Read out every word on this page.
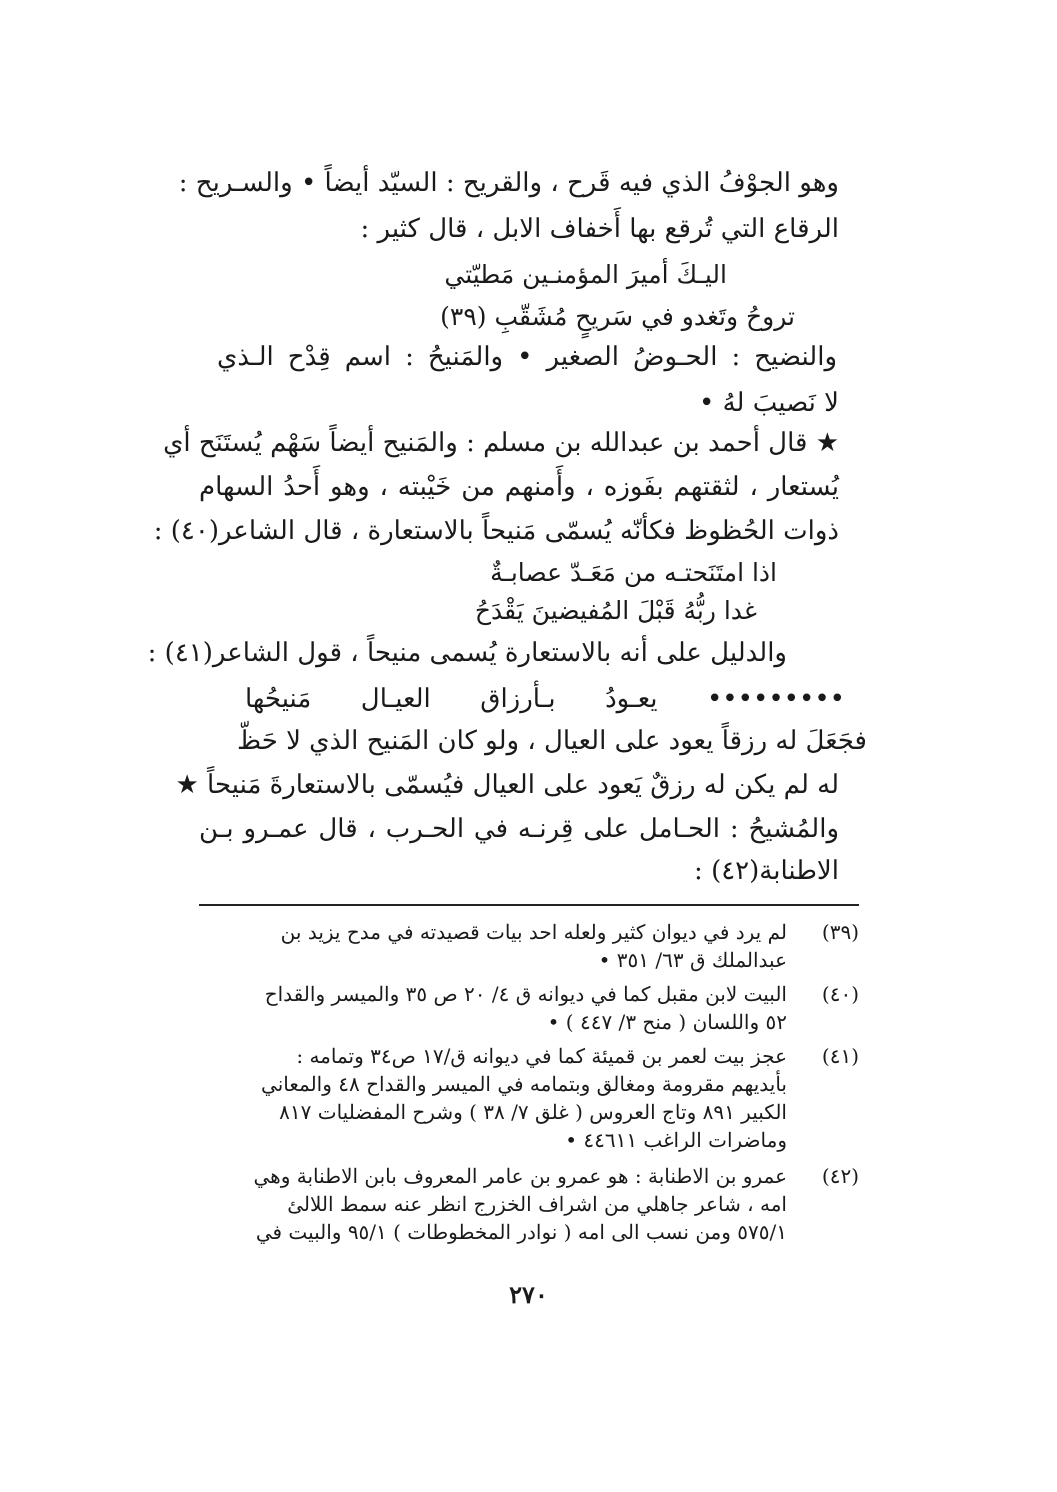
وهو الجوْفُ الذي فيه قَرح ، والقريح : السيّد أيضاً • والسـريح :
الرقاع التي تُرقع بها أَخفاف الابل ، قال كثير :
اليـكَ أميرَ المؤمنـين مَطيّتي
تروحُ وتَغدو في سَريحٍ مُشَقّبِ (٣٩)
والنضيح : الحـوضُ الصغير • والمَنيحُ : اسم قِدْح الـذي
لا نَصيبَ لهُ •
★ قال أحمد بن عبدالله بن مسلم : والمَنيح أيضاً سَهْم يُستَنَح أي
يُستعار ، لثقتهم بفَوزه ، وأَمنهم من خَيْبته ، وهو أَحدُ السهام
ذوات الحُظوظ فكأنّه يُسمّى مَنيحاً بالاستعارة ، قال الشاعر(٤٠) :
اذا امتَنَحتـه من مَعَـدّ عصابـةٌ
غدا ربُّهُ قَبْلَ المُفيضينَ يَقْدَحُ
والدليل على أنه بالاستعارة يُسمى منيحاً ، قول الشاعر(٤١) :
••••••••• يعـودُ بـأرزاق العيـال مَنيحُها
فجَعَلَ له رزقاً يعود على العيال ، ولو كان المَنيح الذي لا حَظّ
له لم يكن له رزقٌ يَعود على العيال فيُسمّى بالاستعارةَ مَنيحاً ★
والمُشيحُ : الحـامل على قِرنـه في الحـرب ، قال عمـرو بـن
الاطنابة(٤٢) :
(٣٩)
لم يرد في ديوان كثير ولعله احد بيات قصيدته في مدح يزيد بن
عبدالملك ق ٦٣/ ٣٥١ •
(٤٠)
البيت لابن مقبل كما في ديوانه ق ٤/ ٢٠ ص ٣٥ والميسر والقداح
٥٢ واللسان ( منح ٣/ ٤٤٧ ) •
(٤١)
عجز بيت لعمر بن قميئة كما في ديوانه ق/١٧ ص٣٤ وتمامه :
بأيديهم مقرومة ومغالق وبتمامه في الميسر والقداح ٤٨ والمعاني
الكبير ٨٩١ وتاج العروس ( غلق ٧/ ٣٨ ) وشرح المفضليات ٨١٧
وماضرات الراغب ٤٤٦١١ •
(٤٢)
عمرو بن الاطنابة : هو عمرو بن عامر المعروف بابن الاطنابة وهي
امه ، شاعر جاهلي من اشراف الخزرج انظر عنه سمط اللالئ
٥٧٥/١ ومن نسب الى امه ( نوادر المخطوطات ) ٩٥/١ والبيت في
٢٧٠
